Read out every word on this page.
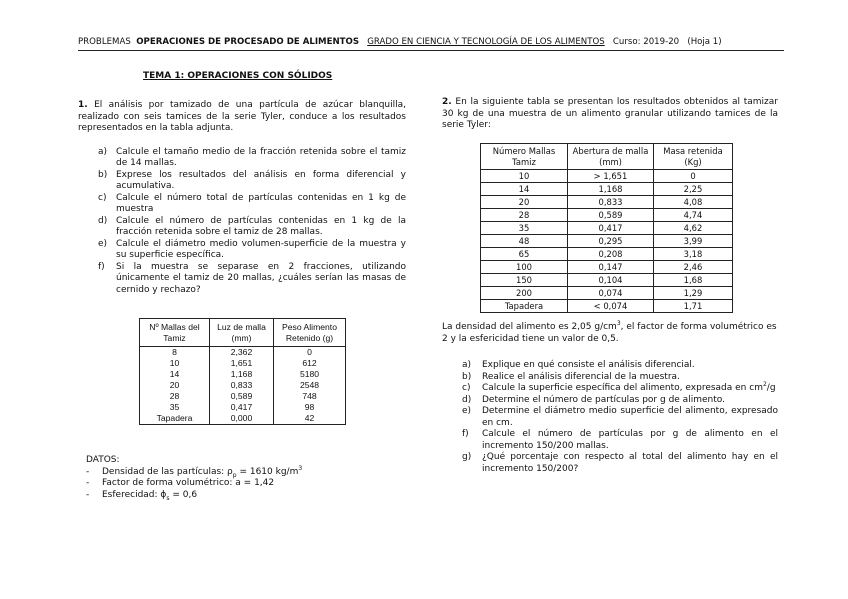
PROBLEMAS OPERACIONES DE PROCESADO DE ALIMENTOS GRADO EN CIENCIA Y TECNOLOGÍA DE LOS ALIMENTOS Curso: 2019-20 (Hoja 1)
TEMA 1: OPERACIONES CON SÓLIDOS

1. El análisis por tamizado de una partícula de azúcar blanquilla, realizado con seis tamices de la serie Tyler, conduce a los resultados representados en la tabla adjunta.

a) Calcule el tamaño medio de la fracción retenida sobre el tamiz de 14 mallas.
b) Exprese los resultados del análisis en forma diferencial y acumulativa.
c) Calcule el número total de partículas contenidas en 1 kg de muestra
d) Calcule el número de partículas contenidas en 1 kg de la fracción retenida sobre el tamiz de 28 mallas.
e) Calcule el diámetro medio volumen-superficie de la muestra y su superficie específica.
f) Si la muestra se separase en 2 fracciones, utilizando únicamente el tamiz de 20 mallas, ¿cuáles serían las masas de cernido y rechazo?
Nº Mallas del Tamiz	Luz de malla (mm)	Peso Alimento Retenido (g)
8	2,362	0
10	1,651	612
14	1,168	5180
20	0,833	2548
28	0,589	748
35	0,417	98
Tapadera	0,000	42
DATOS:
- Densidad de las partículas: $\rho_p = 1610$ $kg/m^3$
- Factor de forma volumétrico: a = 1,42
- Esferecidad: $\phi_s = 0,6$

2. En la siguiente tabla se presentan los resultados obtenidos al tamizar 30 kg de una muestra de un alimento granular utilizando tamices de la serie Tyler:

Número Mallas Tamiz	Abertura de malla (mm)	Masa retenida (Kg)
10	> 1,651	0
14	1,168	2,25
20	0,833	4,08
28	0,589	4,74
35	0,417	4,62
48	0,295	3,99
65	0,208	3,18
100	0,147	2,46
150	0,104	1,68
200	0,074	1,29
Tapadera	< 0,074	1,71
La densidad del alimento es 2,05 $g/cm^3$, el factor de forma volumétrico es 2 y la esfericidad tiene un valor de 0,5.
a) Explique en qué consiste el análisis diferencial.
b) Realice el análisis diferencial de la muestra.
c) Calcule la superficie específica del alimento, expresada en $cm^2/g$
d) Determine el número de partículas por g de alimento.
e) Determine el diámetro medio superficie del alimento, expresado en cm.
f) Calcule el número de partículas por g de alimento en el incremento 150/200 mallas.
g) ¿Qué porcentaje con respecto al total del alimento hay en el incremento 150/200?
